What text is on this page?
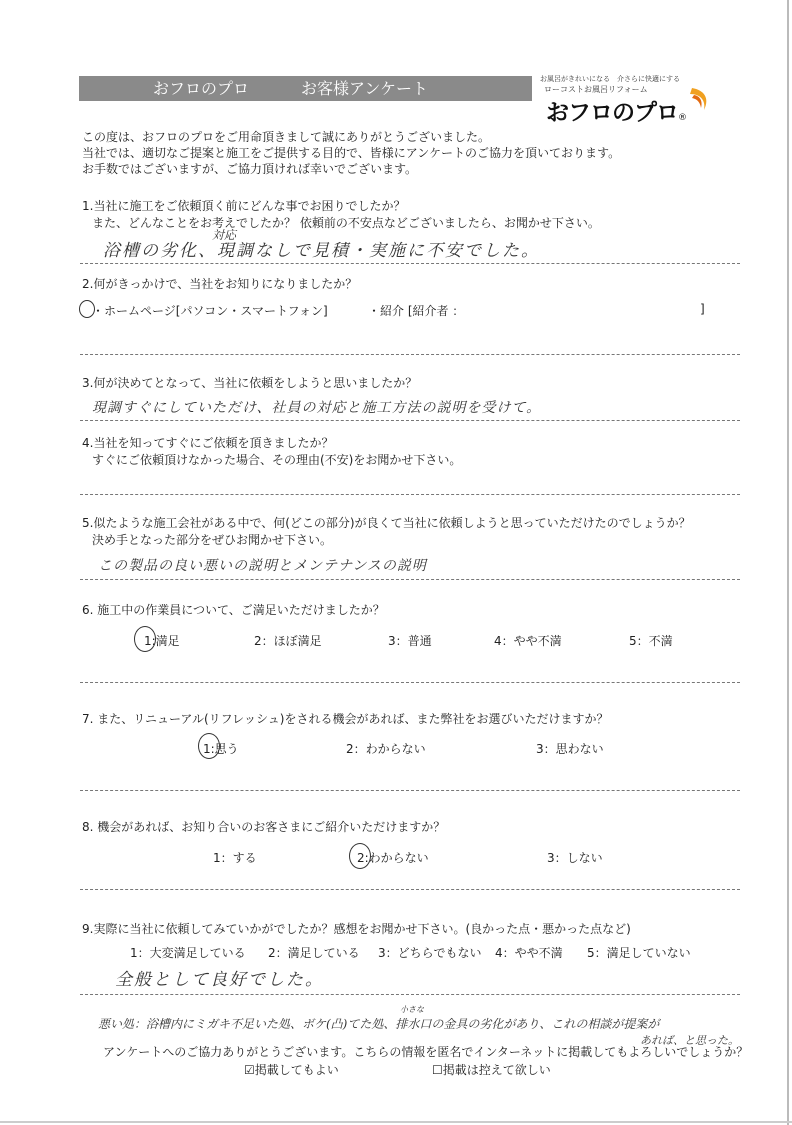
おフロのプロ	お客様アンケート	お風呂がきれいになる　介さらに快適にする
ローコストお風呂リフォーム
おフロのプロ®
この度は、おフロのプロをご用命頂きまして誠にありがとうございました。
当社では、適切なご提案と施工をご提供する目的で、皆様にアンケートのご協力を頂いております。
お手数ではございますが、ご協力頂ければ幸いでございます。
1.当社に施工をご依頼頂く前にどんな事でお困りでしたか？
また、どんなことをお考えでしたか？ 依頼前の不安点などございましたら、お聞かせ下さい。
浴槽の劣化、現調なしで見積・実施に不安でした。
対応
2.何がきっかけで、当社をお知りになりましたか？
・ホームページ[パソコン・スマートフォン]	・紹介 [紹介者 ：	]
3.何が決めてとなって、当社に依頼をしようと思いましたか？
現調すぐにしていただけ、社員の対応と施工方法の説明を受けて。
4.当社を知ってすぐにご依頼を頂きましたか？
すぐにご依頼頂けなかった場合、その理由(不安)をお聞かせ下さい。
5.似たような施工会社がある中で、何(どこの部分)が良くて当社に依頼しようと思っていただけたのでしょうか？
決め手となった部分をぜひお聞かせ下さい。
この製品の良い悪いの説明とメンテナンスの説明
6. 施工中の作業員について、ご満足いただけましたか？
1:満足	2：ほぼ満足	3：普通	4：やや不満	5：不満
7. また、リニューアル(リフレッシュ)をされる機会があれば、また弊社をお選びいただけますか？
1:思う	2：わからない	3：思わない
8. 機会があれば、お知り合いのお客さまにご紹介いただけますか？
1：する	2:わからない	3：しない
9.実際に当社に依頼してみていかがでしたか？感想をお聞かせ下さい。(良かった点・悪かった点など)
1：大変満足している 2：満足している 3：どちらでもない 4：やや不満 5：満足していない
全般として良好でした。
悪い処：浴槽内にミガキ不足いた処、ボケ(凸)てた処、排水口の金具の劣化があり、これの相談が提案が
小さな
あれば、と思った。
アンケートへのご協力ありがとうございます。こちらの情報を匿名でインターネットに掲載してもよろしいでしょうか？
☑掲載してもよい	☐掲載は控えて欲しい
